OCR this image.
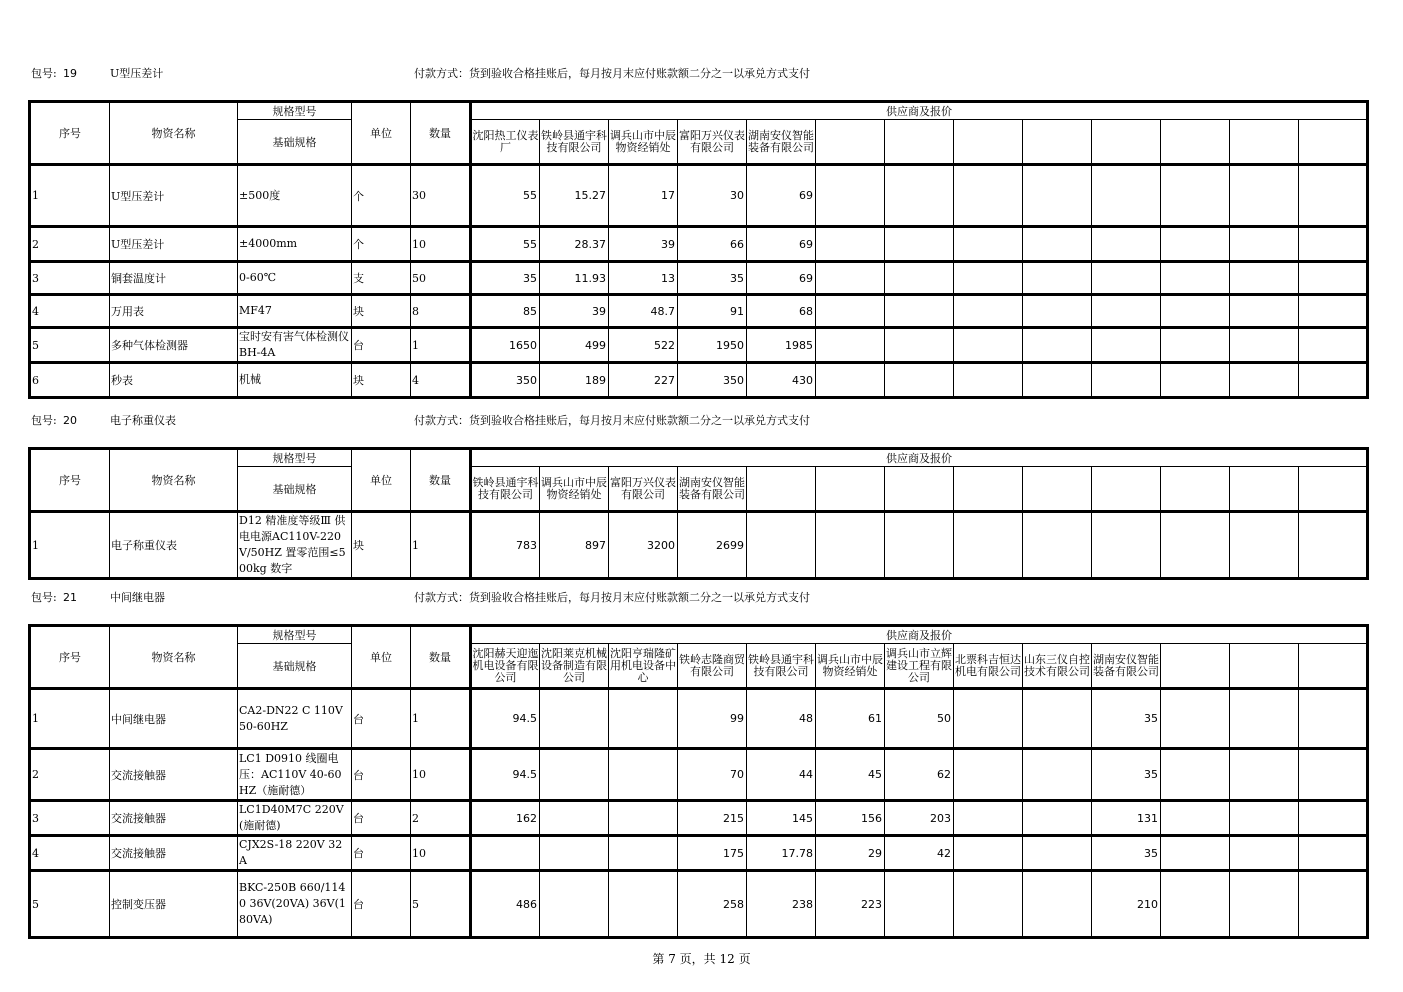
包号: 19	U型压差计	付款方式：货到验收合格挂账后，每月按月末应付账款额二分之一以承兑方式支付
序号	物资名称	规格型号	单位	数量	供应商及报价												
		基础规格			沈阳热工仪表厂	铁岭县通宇科技有限公司	调兵山市中辰物资经销处	富阳万兴仪表有限公司	湖南安仪智能装备有限公司								
1	U型压差计	±500度	个	30	55	15.27	17	30	69								
2	U型压差计	±4000mm	个	10	55	28.37	39	66	69								
3	铜套温度计	0-60℃	支	50	35	11.93	13	35	69								
4	万用表	MF47	块	8	85	39	48.7	91	68								
5	多种气体检测器	宝时安有害气体检测仪BH-4A	台	1	1650	499	522	1950	1985								
6	秒表	机械	块	4	350	189	227	350	430								
包号: 20	电子称重仪表	付款方式：货到验收合格挂账后，每月按月末应付账款额二分之一以承兑方式支付
序号	物资名称	规格型号	单位	数量	供应商及报价												
		基础规格			铁岭县通宇科技有限公司	调兵山市中辰物资经销处	富阳万兴仪表有限公司	湖南安仪智能装备有限公司									
1	电子称重仪表	D12 精准度等级Ⅲ 供电电源AC110V-220V/50HZ 置零范围≤500kg 数字	块	1	783	897	3200	2699									
包号: 21	中间继电器	付款方式：货到验收合格挂账后，每月按月末应付账款额二分之一以承兑方式支付
序号	物资名称	规格型号	单位	数量	供应商及报价												
		基础规格			沈阳赫天迎迤机电设备有限公司	沈阳莱克机械设备制造有限公司	沈阳亨瑞隆矿用机电设备中心	铁岭志隆商贸有限公司	铁岭县通宇科技有限公司	调兵山市中辰物资经销处	调兵山市立辉建设工程有限公司	北票科吉恒达机电有限公司	山东三仪自控技术有限公司	湖南安仪智能装备有限公司			
1	中间继电器	CA2-DN22 C 110V 50-60HZ	台	1	94.5			99	48	61	50			35			
2	交流接触器	LC1 D0910 线圈电压：AC110V 40-60HZ（施耐德）	台	10	94.5			70	44	45	62			35			
3	交流接触器	LC1D40M7C 220V(施耐德)	台	2	162			215	145	156	203			131			
4	交流接触器	CJX2S-18 220V 32A	台	10				175	17.78	29	42			35			
5	控制变压器	BKC-250B 660/1140 36V(20VA) 36V(180VA)	台	5	486			258	238	223				210			
第 7 页，共 12 页
